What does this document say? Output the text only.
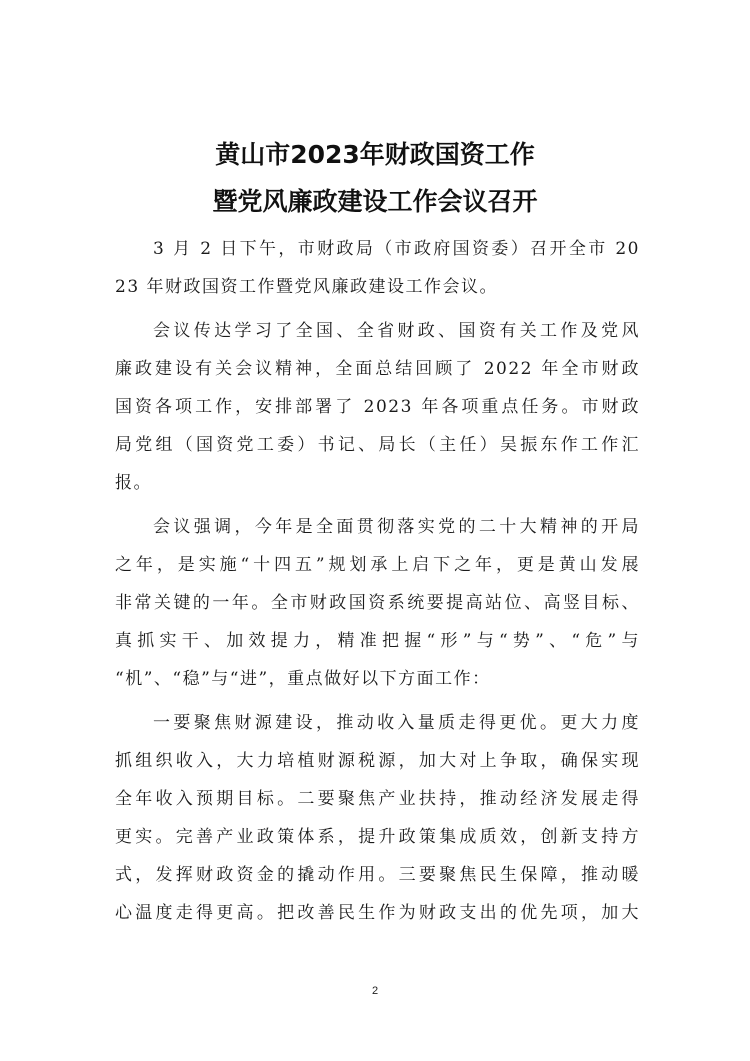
黄山市2023年财政国资工作
暨党风廉政建设工作会议召开

3 月 2 日下午，市财政局（市政府国资委）召开全市 20
23 年财政国资工作暨党风廉政建设工作会议。

会议传达学习了全国、全省财政、国资有关工作及党风
廉政建设有关会议精神，全面总结回顾了 2022 年全市财政
国资各项工作，安排部署了 2023 年各项重点任务。市财政
局党组（国资党工委）书记、局长（主任）吴振东作工作汇
报。

会议强调，今年是全面贯彻落实党的二十大精神的开局
之年，是实施“十四五”规划承上启下之年，更是黄山发展
非常关键的一年。全市财政国资系统要提高站位、高竖目标、
真抓实干、加效提力，精准把握“形”与“势”、“危”与
“机”、“稳”与“进”，重点做好以下方面工作：

一要聚焦财源建设，推动收入量质走得更优。更大力度
抓组织收入，大力培植财源税源，加大对上争取，确保实现
全年收入预期目标。二要聚焦产业扶持，推动经济发展走得
更实。完善产业政策体系，提升政策集成质效，创新支持方
式，发挥财政资金的撬动作用。三要聚焦民生保障，推动暖
心温度走得更高。把改善民生作为财政支出的优先项，加大

2
